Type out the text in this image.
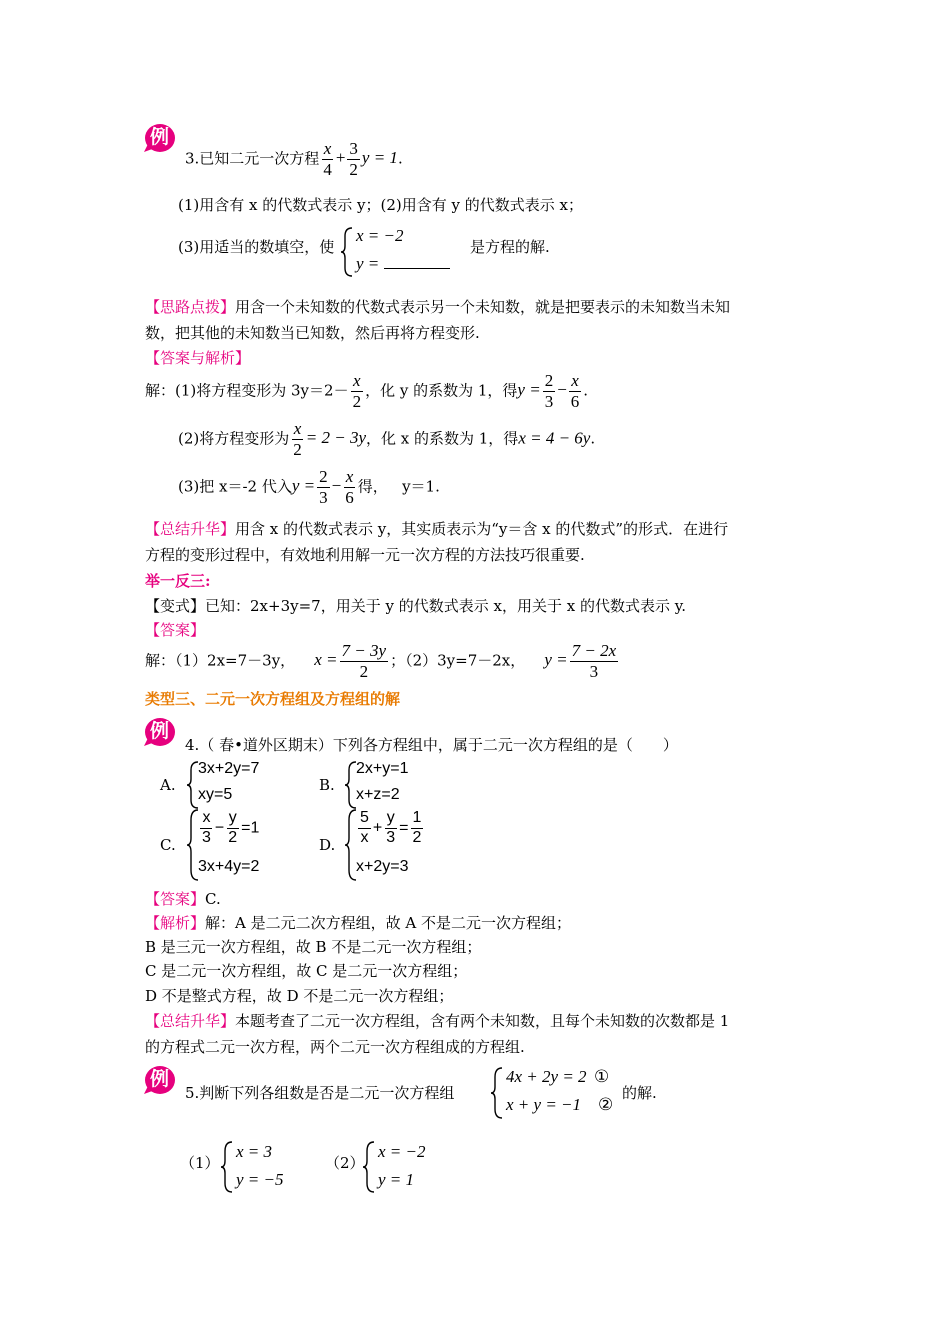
例
3.已知二元一次方程 $\frac{x}{4} + \frac{3}{2}$ y = 1.
(1)用含有 x 的代数式表示 y；(2)用含有 y 的代数式表示 x；
(3)用适当的数填空，使
x = −2
y =
是方程的解.
【思路点拨】用含一个未知数的代数式表示另一个未知数，就是把要表示的未知数当未知
数，把其他的未知数当已知数，然后再将方程变形.
【答案与解析】
解：(1)将方程变形为 $3y=2- \frac{x}{2}$ ，化 y 的系数为 1，得$y = \frac{2}{3} - \frac{x}{6}$ .
(2)将方程变形为 $\frac{x}{2} = 2 - 3y$，化 x 的系数为 1，得x = 4 − 6y.
(3)把 x＝-2 代入$y = \frac{2}{3} - \frac{x}{6}$ 得， y＝1.
【总结升华】用含 x 的代数式表示 y，其实质表示为“y＝含 x 的代数式”的形式．在进行
方程的变形过程中，有效地利用解一元一次方程的方法技巧很重要.
举一反三:
【变式】已知：2x+3y=7，用关于 y 的代数式表示 x，用关于 x 的代数式表示 y.
【答案】
解：（1）2x=7－3y， $x = \frac{7 - 3y}{2}$ ；（2）3y=7－2x， $y = \frac{7 - 2x}{3}$
类型三、二元一次方程组及方程组的解
例
4.（ 春•道外区期末）下列各方程组中，属于二元一次方程组的是（　　）
A.
3x+2y=7
xy=5
B.
2x+y=1
x+z=2
C. $\frac{x}{3} - \frac{y}{2} =1$
3x+4y=2
D. $\frac{5}{x} + \frac{y}{3} = \frac{1}{2}$
x+2y=3
【答案】C.
【解析】解：A 是二元二次方程组，故 A 不是二元一次方程组；
B 是三元一次方程组，故 B 不是二元一次方程组；
C 是二元一次方程组，故 C 是二元一次方程组；
D 不是整式方程，故 D 不是二元一次方程组；
【总结升华】本题考查了二元一次方程组，含有两个未知数，且每个未知数的次数都是 1
的方程式二元一次方程，两个二元一次方程组成的方程组.
例
5.判断下列各组数是否是二元一次方程组
4x + 2y = 2 ①
x + y = −1 ②
的解.
（1）
x = 3
y = −5
（2）
x = −2
y = 1
